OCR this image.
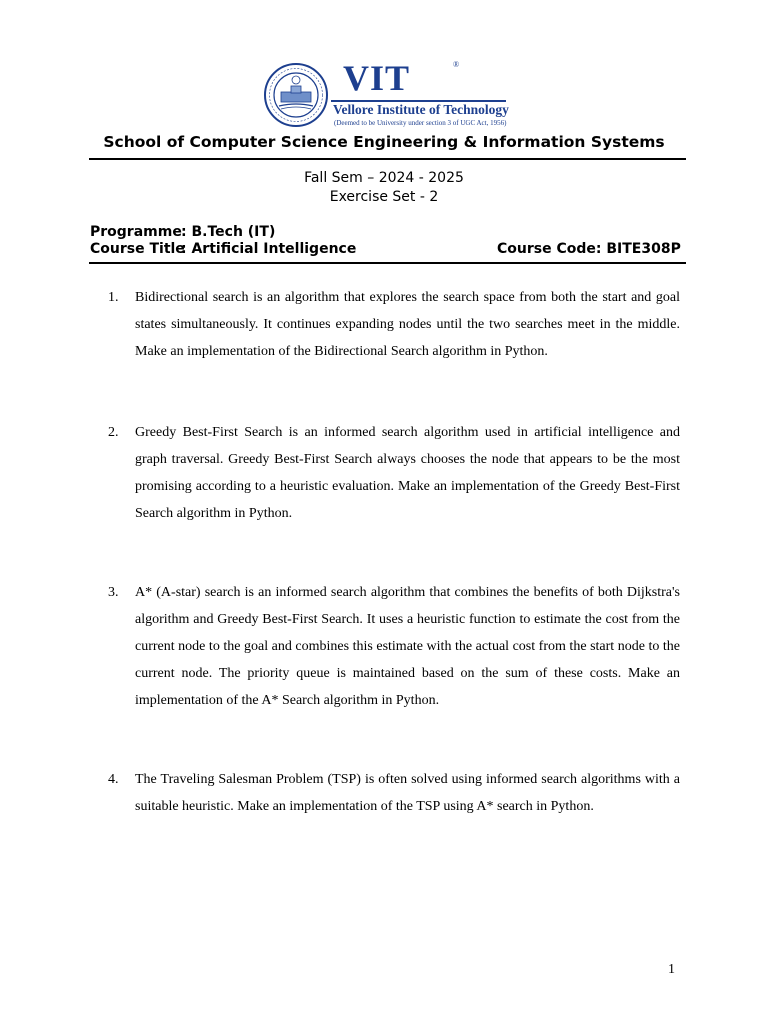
VIT	®
Vellore Institute of Technology
(Deemed to be University under section 3 of UGC Act, 1956)
School of Computer Science Engineering & Information Systems
Fall Sem – 2024 - 2025
Exercise Set - 2
Programme : B.Tech (IT)
Course Title
: Artificial Intelligence	Course Code: BITE308P
1. Bidirectional search is an algorithm that explores the search space from both the start and goal states simultaneously. It continues expanding nodes until the two searches meet in the middle. Make an implementation of the Bidirectional Search algorithm in Python.
2. Greedy Best-First Search is an informed search algorithm used in artificial intelligence and graph traversal. Greedy Best-First Search always chooses the node that appears to be the most promising according to a heuristic evaluation. Make an implementation of the Greedy Best-First Search algorithm in Python.
3. A* (A-star) search is an informed search algorithm that combines the benefits of both Dijkstra's algorithm and Greedy Best-First Search. It uses a heuristic function to estimate the cost from the current node to the goal and combines this estimate with the actual cost from the start node to the current node. The priority queue is maintained based on the sum of these costs. Make an implementation of the A* Search algorithm in Python.
4. The Traveling Salesman Problem (TSP) is often solved using informed search algorithms with a suitable heuristic. Make an implementation of the TSP using A* search in Python.
1
